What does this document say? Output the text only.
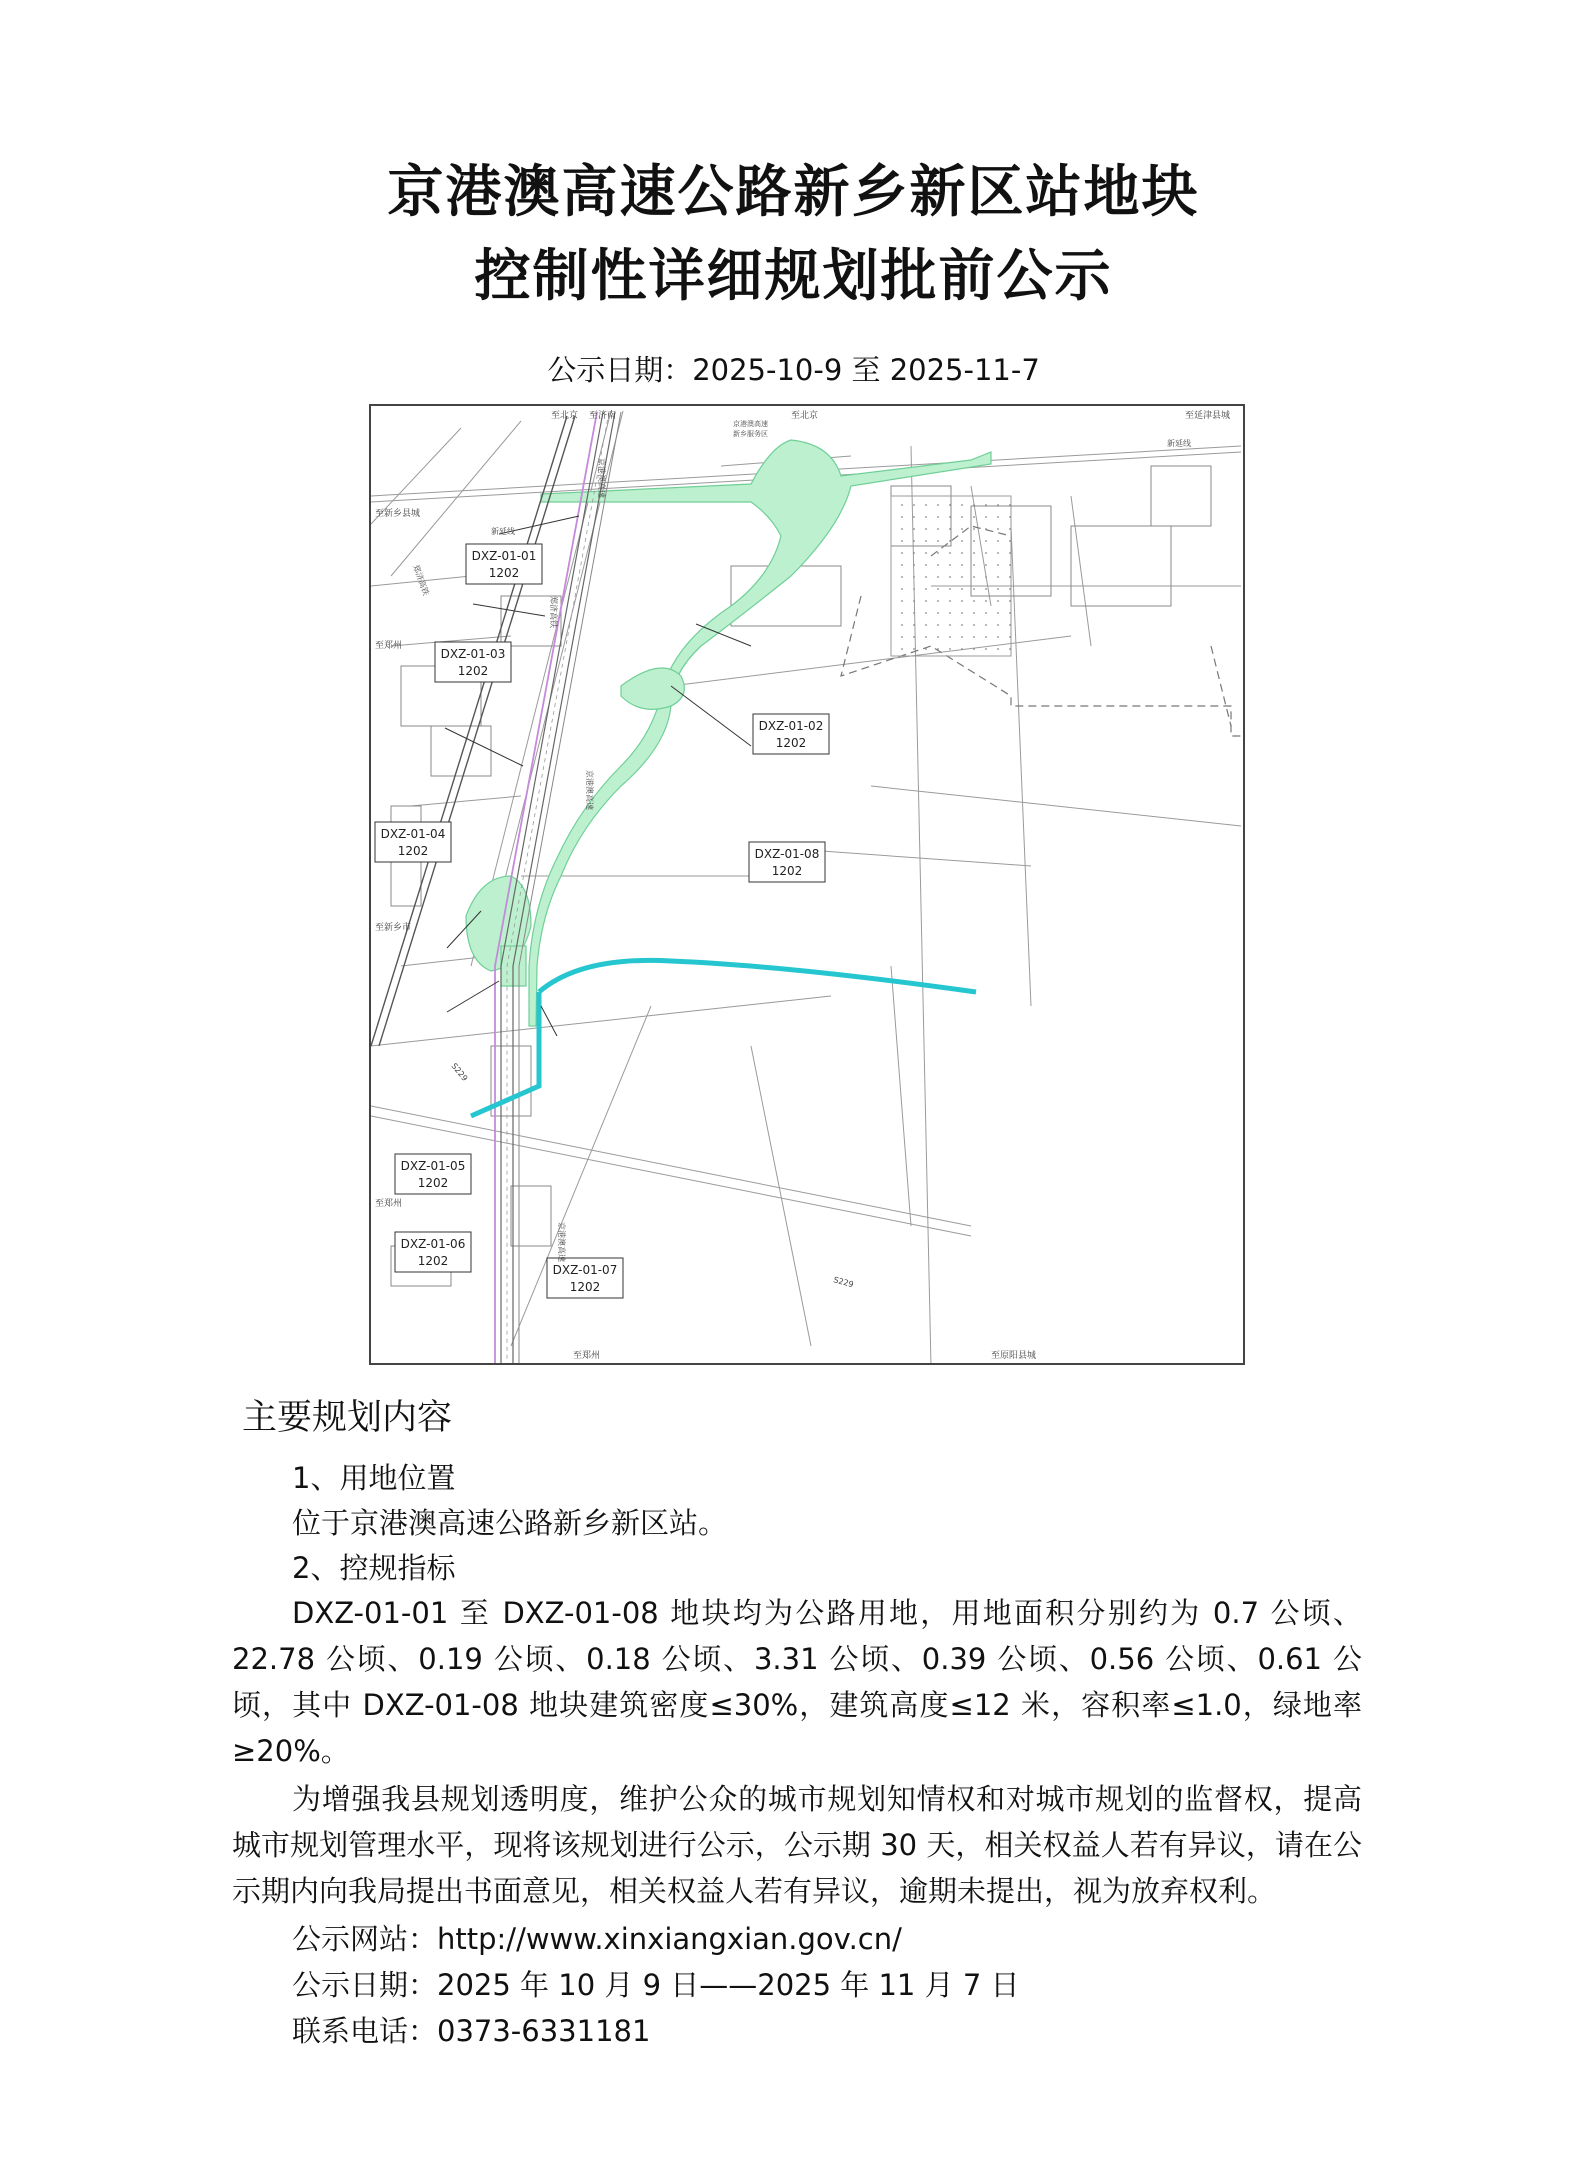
京港澳高速公路新乡新区站地块
控制性详细规划批前公示
公示日期：2025-10-9 至 2025-11-7
DXZ-01-01
1202
DXZ-01-03
1202
DXZ-01-02
1202
DXZ-01-08
1202
DXZ-01-04
1202
DXZ-01-05
1202
DXZ-01-06
1202
DXZ-01-07
1202
至北京 至济南
京港澳高速
新乡服务区
至北京	至延津县城
至新乡县城
新延线
新延线
至郑州
至新乡市
郑济高铁
郑济高铁
京港澳高速
京港澳高速
京港澳高速
至郑州
S229
S229
至郑州	至原阳县城
主要规划内容
1、用地位置
位于京港澳高速公路新乡新区站。
2、控规指标
DXZ-01-01 至 DXZ-01-08 地块均为公路用地，用地面积分别约为 0.7 公顷、22.78 公顷、0.19 公顷、0.18 公顷、3.31 公顷、0.39 公顷、0.56 公顷、0.61 公顷，其中 DXZ-01-08 地块建筑密度≤30%，建筑高度≤12 米，容积率≤1.0，绿地率≥20%。
为增强我县规划透明度，维护公众的城市规划知情权和对城市规划的监督权，提高城市规划管理水平，现将该规划进行公示，公示期 30 天，相关权益人若有异议，请在公示期内向我局提出书面意见，相关权益人若有异议，逾期未提出，视为放弃权利。
公示网站：http://www.xinxiangxian.gov.cn/
公示日期：2025 年 10 月 9 日——2025 年 11 月 7 日
联系电话：0373-6331181
